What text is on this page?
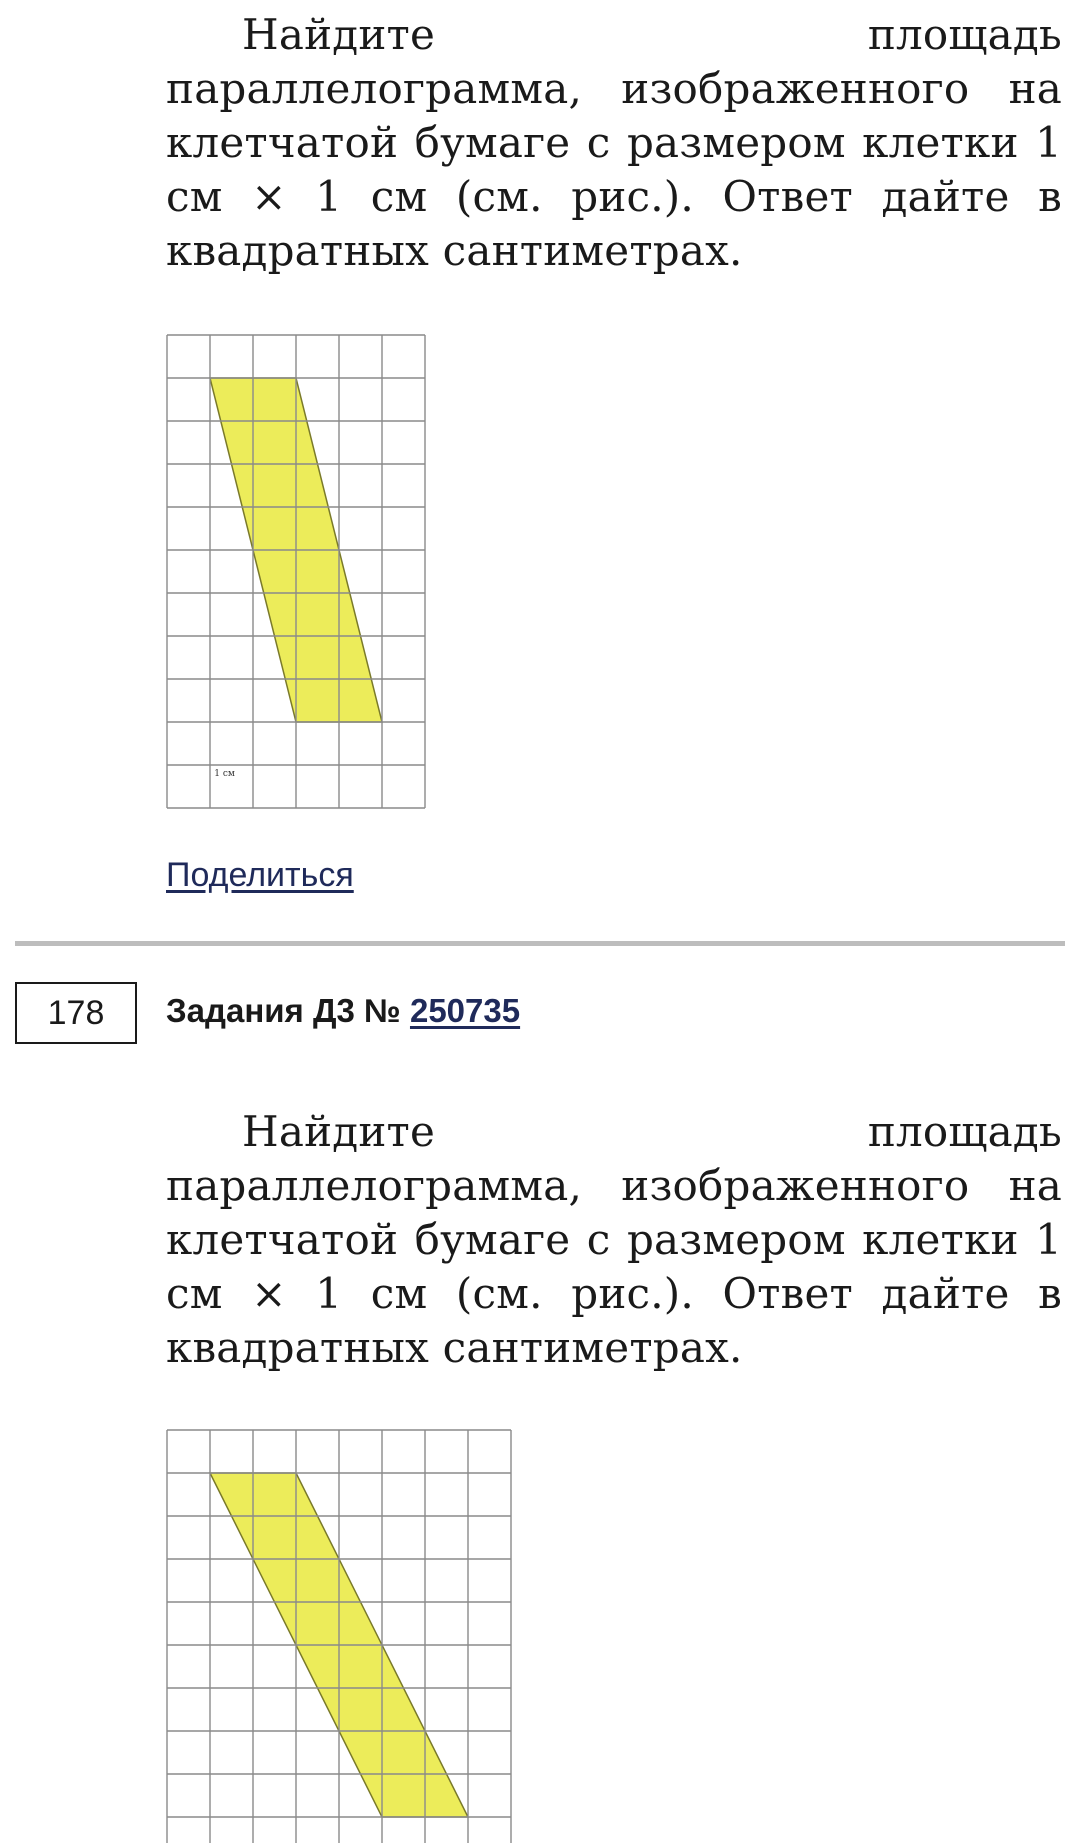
Найдите площадь параллелограмма, изображенного на клетчатой бумаге с размером клетки 1 см × 1 см (см. рис.). Ответ дайте в квадратных сантиметрах.

1 см
Поделиться
178	Задания Д3 № 250735

Найдите площадь параллелограмма, изображенного на клетчатой бумаге с размером клетки 1 см × 1 см (см. рис.). Ответ дайте в квадратных сантиметрах.
